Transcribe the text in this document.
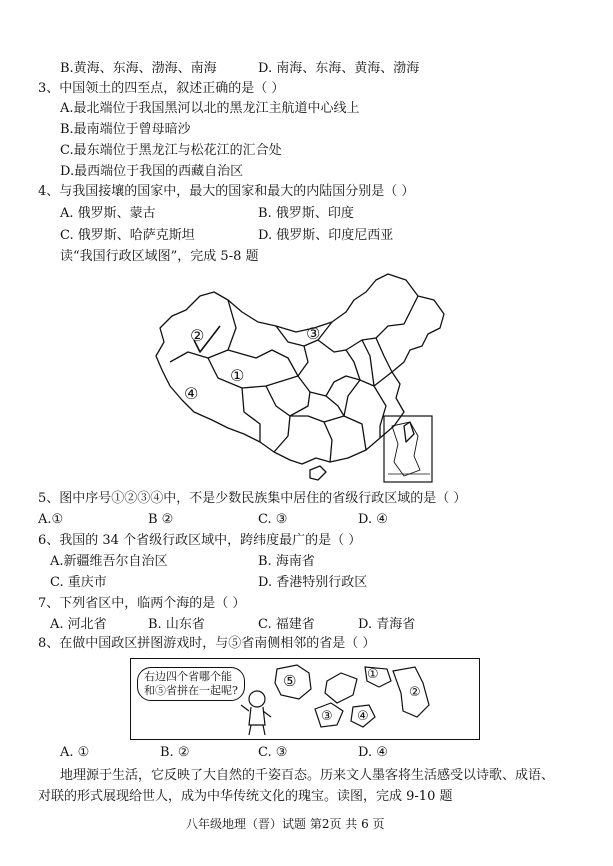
B.黄海、东海、渤海、南海	D. 南海、东海、黄海、渤海
3、中国领土的四至点，叙述正确的是（ ）
A.最北端位于我国黑河以北的黑龙江主航道中心线上
B.最南端位于曾母暗沙
C.最东端位于黑龙江与松花江的汇合处
D.最西端位于我国的西藏自治区
4、与我国接壤的国家中，最大的国家和最大的内陆国分别是（ ）
A. 俄罗斯、蒙古	B. 俄罗斯、印度
C. 俄罗斯、哈萨克斯坦	D. 俄罗斯、印度尼西亚
读“我国行政区域图”，完成 5-8 题
②
①
④
③
5、图中序号①②③④中，不是少数民族集中居住的省级行政区域的是（ ）
A.①	B ②	C. ③	D. ④
6、我国的 34 个省级行政区域中，跨纬度最广的是（ ）
A.新疆维吾尔自治区	B. 海南省
C. 重庆市	D. 香港特别行政区
7、下列省区中，临两个海的是（ ）
A. 河北省	B. 山东省	C. 福建省	D. 青海省
8、在做中国政区拼图游戏时，与⑤省南侧相邻的省是（ ）
右边四个省哪个能和⑤省拼在一起呢?
⑤	①
②
③ ④
A. ①	B. ②	C. ③	D. ④
地理源于生活，它反映了大自然的千姿百态。历来文人墨客将生活感受以诗歌、成语、
对联的形式展现给世人，成为中华传统文化的瑰宝。读图，完成 9-10 题
八年级地理（晋）试题 第2页 共 6 页
